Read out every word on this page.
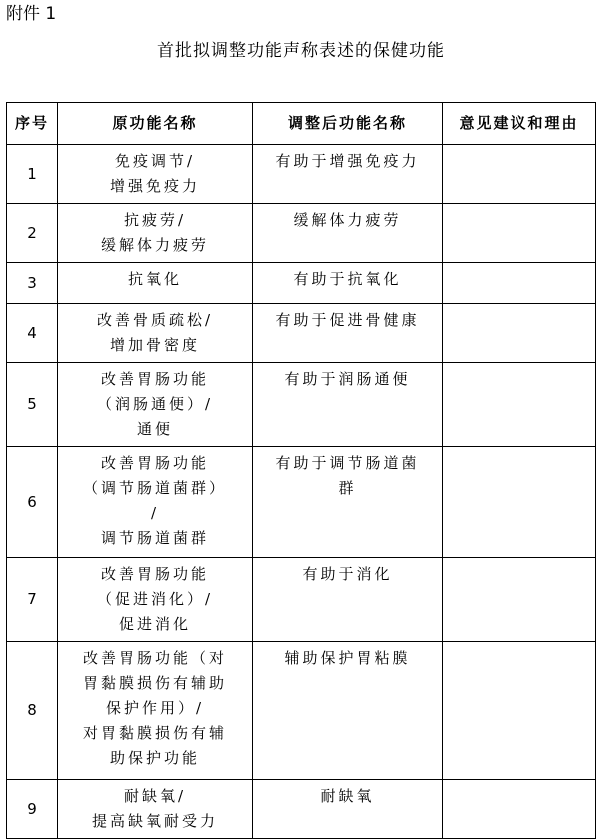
附件 1
首批拟调整功能声称表述的保健功能
序号	原功能名称	调整后功能名称	意见建议和理由
1	免疫调节/
增强免疫力	有助于增强免疫力	

2	抗疲劳/
缓解体力疲劳	缓解体力疲劳	

3	抗氧化	有助于抗氧化	

4	改善骨质疏松/
增加骨密度	有助于促进骨健康	

5	改善胃肠功能
（润肠通便）/
通便	有助于润肠通便	

6	改善胃肠功能
（调节肠道菌群）
/
调节肠道菌群	有助于调节肠道菌
群	

7	改善胃肠功能
（促进消化）/
促进消化	有助于消化	

8	改善胃肠功能（对
胃黏膜损伤有辅助
保护作用）/
对胃黏膜损伤有辅
助保护功能	辅助保护胃粘膜	

9	耐缺氧/
提高缺氧耐受力	耐缺氧	
